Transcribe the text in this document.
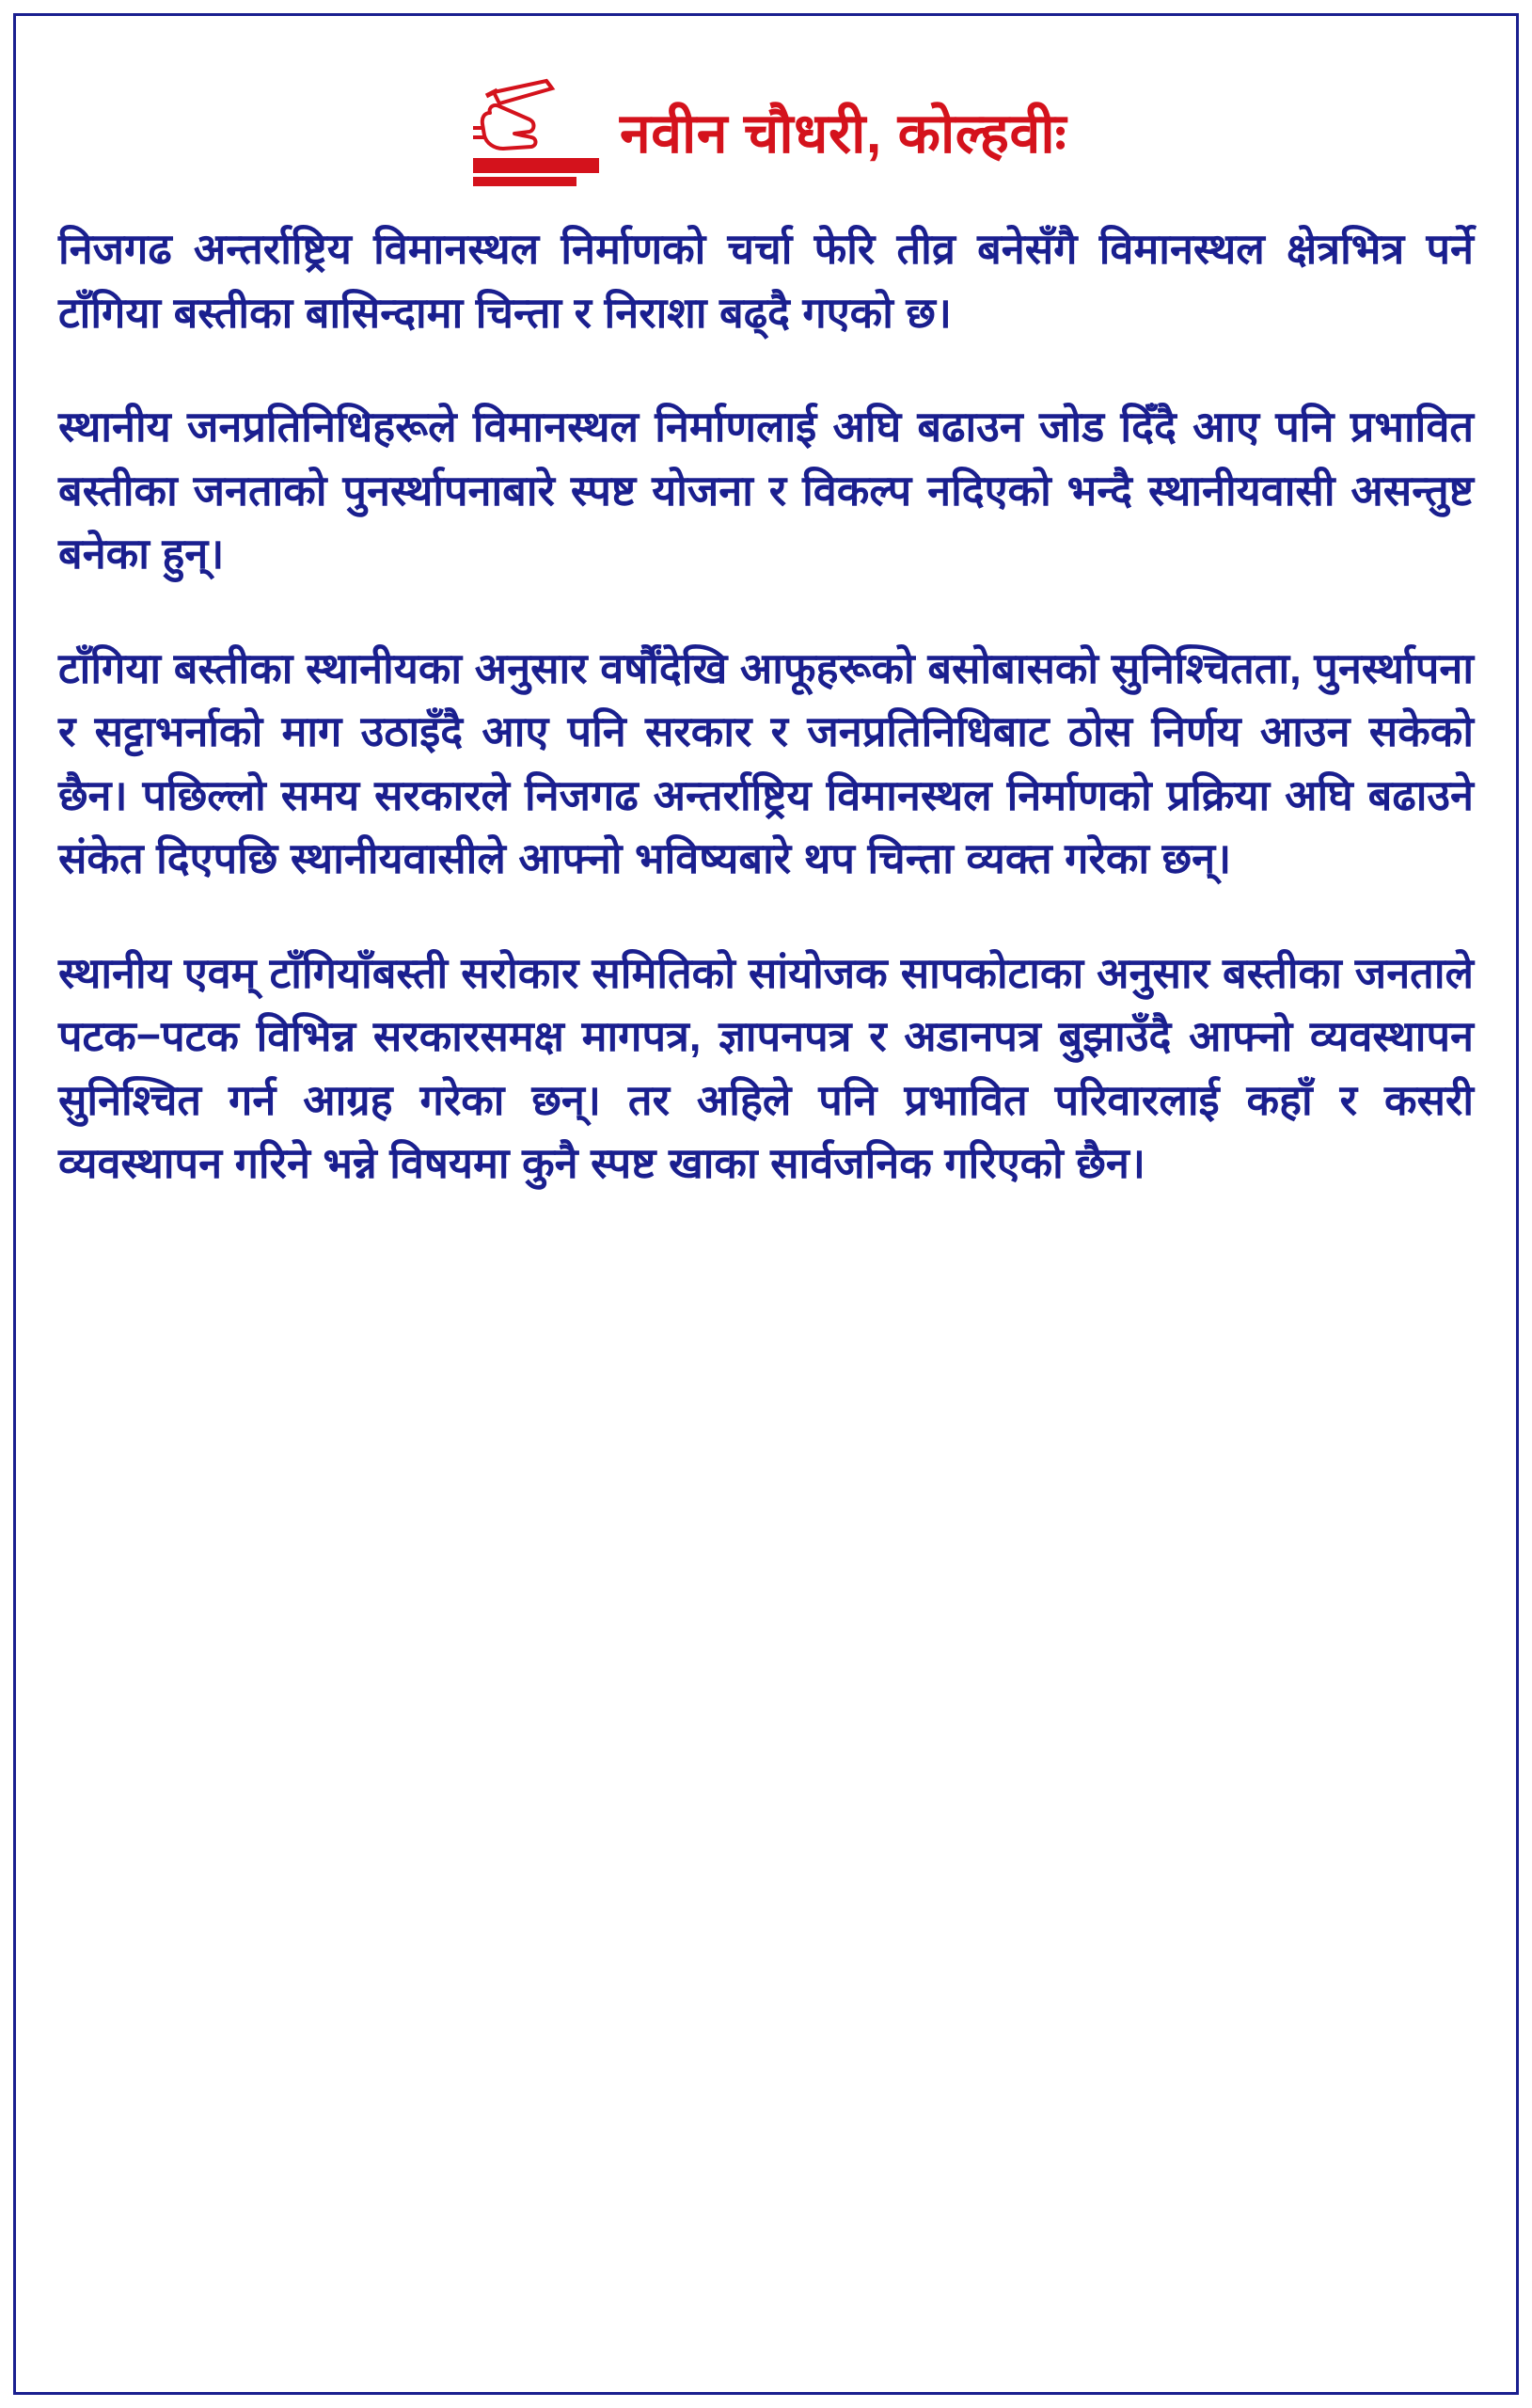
नवीन चौधरी, कोल्हवीः

निजगढ अन्तर्राष्ट्रिय विमानस्थल निर्माणको चर्चा फेरि तीव्र बनेसँगै विमानस्थल क्षेत्रभित्र पर्ने टाँगिया बस्तीका बासिन्दामा चिन्ता र निराशा बढ्दै गएको छ।

स्थानीय जनप्रतिनिधिहरूले विमानस्थल निर्माणलाई अघि बढाउन जोड दिँदै आए पनि प्रभावित बस्तीका जनताको पुनर्स्थापनाबारे स्पष्ट योजना र विकल्प नदिएको भन्दै स्थानीयवासी असन्तुष्ट बनेका हुन्।

टाँगिया बस्तीका स्थानीयका अनुसार वर्षौंदेखि आफूहरूको बसोबासको सुनिश्चितता, पुनर्स्थापना र सट्टाभर्नाको माग उठाइँदै आए पनि सरकार र जनप्रतिनिधिबाट ठोस निर्णय आउन सकेको छैन। पछिल्लो समय सरकारले निजगढ अन्तर्राष्ट्रिय विमानस्थल निर्माणको प्रक्रिया अघि बढाउने संकेत दिएपछि स्थानीयवासीले आफ्नो भविष्यबारे थप चिन्ता व्यक्त गरेका छन्।

स्थानीय एवम् टाँगियाँबस्ती सरोकार समितिको सांयोजक सापकोटाका अनुसार बस्तीका जनताले पटक−पटक विभिन्न सरकारसमक्ष मागपत्र, ज्ञापनपत्र र अडानपत्र बुझाउँदै आफ्नो व्यवस्थापन सुनिश्चित गर्न आग्रह गरेका छन्। तर अहिले पनि प्रभावित परिवारलाई कहाँ र कसरी व्यवस्थापन गरिने भन्ने विषयमा कुनै स्पष्ट खाका सार्वजनिक गरिएको छैन।
